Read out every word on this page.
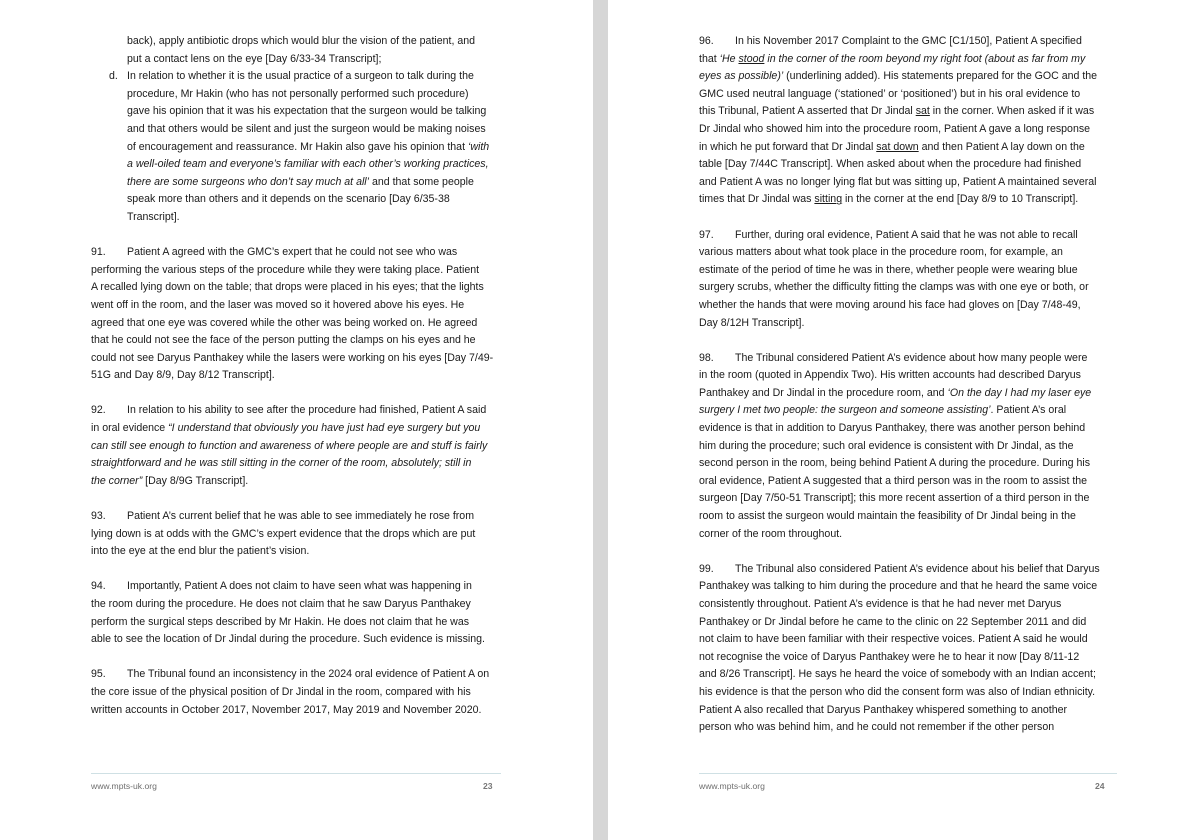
back), apply antibiotic drops which would blur the vision of the patient, and
put a contact lens on the eye [Day 6/33-34 Transcript];

d. In relation to whether it is the usual practice of a surgeon to talk during the
procedure, Mr Hakin (who has not personally performed such procedure)
gave his opinion that it was his expectation that the surgeon would be talking
and that others would be silent and just the surgeon would be making noises
of encouragement and reassurance. Mr Hakin also gave his opinion that ‘with
a well-oiled team and everyone’s familiar with each other’s working practices,
there are some surgeons who don’t say much at all’ and that some people
speak more than others and it depends on the scenario [Day 6/35-38
Transcript].

91. Patient A agreed with the GMC’s expert that he could not see who was
performing the various steps of the procedure while they were taking place. Patient
A recalled lying down on the table; that drops were placed in his eyes; that the lights
went off in the room, and the laser was moved so it hovered above his eyes. He
agreed that one eye was covered while the other was being worked on. He agreed
that he could not see the face of the person putting the clamps on his eyes and he
could not see Daryus Panthakey while the lasers were working on his eyes [Day 7/49-
51G and Day 8/9, Day 8/12 Transcript].

92. In relation to his ability to see after the procedure had finished, Patient A said
in oral evidence “I understand that obviously you have just had eye surgery but you
can still see enough to function and awareness of where people are and stuff is fairly
straightforward and he was still sitting in the corner of the room, absolutely; still in
the corner” [Day 8/9G Transcript].

93. Patient A’s current belief that he was able to see immediately he rose from
lying down is at odds with the GMC’s expert evidence that the drops which are put
into the eye at the end blur the patient’s vision.

94. Importantly, Patient A does not claim to have seen what was happening in
the room during the procedure. He does not claim that he saw Daryus Panthakey
perform the surgical steps described by Mr Hakin. He does not claim that he was
able to see the location of Dr Jindal during the procedure. Such evidence is missing.

95. The Tribunal found an inconsistency in the 2024 oral evidence of Patient A on
the core issue of the physical position of Dr Jindal in the room, compared with his
written accounts in October 2017, November 2017, May 2019 and November 2020.

www.mpts-uk.org	23

96. In his November 2017 Complaint to the GMC [C1/150], Patient A specified
that ‘He stood in the corner of the room beyond my right foot (about as far from my
eyes as possible)’ (underlining added). His statements prepared for the GOC and the
GMC used neutral language (‘stationed’ or ‘positioned’) but in his oral evidence to
this Tribunal, Patient A asserted that Dr Jindal sat in the corner. When asked if it was
Dr Jindal who showed him into the procedure room, Patient A gave a long response
in which he put forward that Dr Jindal sat down and then Patient A lay down on the
table [Day 7/44C Transcript]. When asked about when the procedure had finished
and Patient A was no longer lying flat but was sitting up, Patient A maintained several
times that Dr Jindal was sitting in the corner at the end [Day 8/9 to 10 Transcript].

97. Further, during oral evidence, Patient A said that he was not able to recall
various matters about what took place in the procedure room, for example, an
estimate of the period of time he was in there, whether people were wearing blue
surgery scrubs, whether the difficulty fitting the clamps was with one eye or both, or
whether the hands that were moving around his face had gloves on [Day 7/48-49,
Day 8/12H Transcript].

98. The Tribunal considered Patient A’s evidence about how many people were
in the room (quoted in Appendix Two). His written accounts had described Daryus
Panthakey and Dr Jindal in the procedure room, and ‘On the day I had my laser eye
surgery I met two people: the surgeon and someone assisting’. Patient A’s oral
evidence is that in addition to Daryus Panthakey, there was another person behind
him during the procedure; such oral evidence is consistent with Dr Jindal, as the
second person in the room, being behind Patient A during the procedure. During his
oral evidence, Patient A suggested that a third person was in the room to assist the
surgeon [Day 7/50-51 Transcript]; this more recent assertion of a third person in the
room to assist the surgeon would maintain the feasibility of Dr Jindal being in the
corner of the room throughout.

99. The Tribunal also considered Patient A’s evidence about his belief that Daryus
Panthakey was talking to him during the procedure and that he heard the same voice
consistently throughout. Patient A’s evidence is that he had never met Daryus
Panthakey or Dr Jindal before he came to the clinic on 22 September 2011 and did
not claim to have been familiar with their respective voices. Patient A said he would
not recognise the voice of Daryus Panthakey were he to hear it now [Day 8/11-12
and 8/26 Transcript]. He says he heard the voice of somebody with an Indian accent;
his evidence is that the person who did the consent form was also of Indian ethnicity.
Patient A also recalled that Daryus Panthakey whispered something to another
person who was behind him, and he could not remember if the other person

www.mpts-uk.org	24
